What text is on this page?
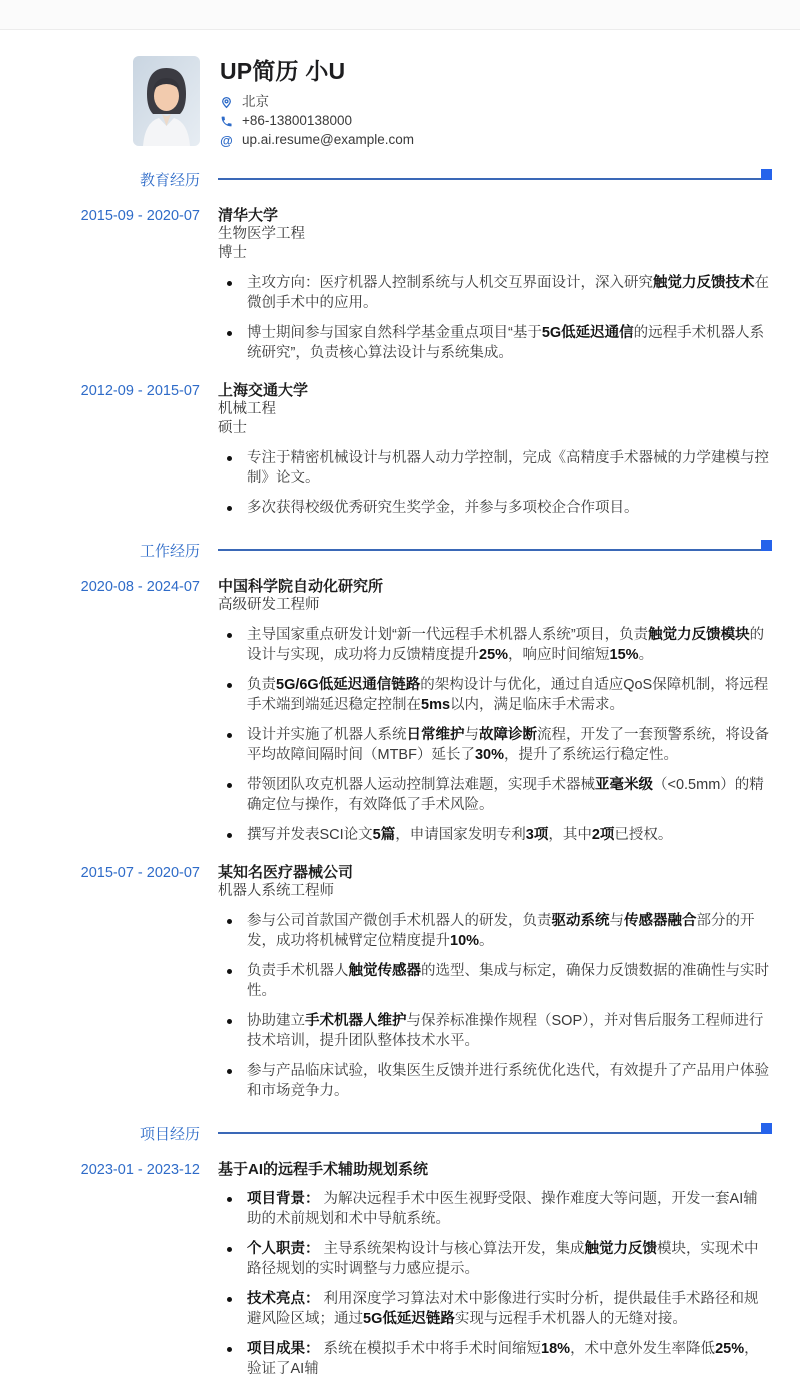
UP简历 小U
北京
+86-13800138000
@ up.ai.resume@example.com
教育经历
2015-09 - 2020-07 清华大学
生物医学工程
博士
主攻方向：医疗机器人控制系统与人机交互界面设计，深入研究触觉力反馈技术在微创手术中的应用。
博士期间参与国家自然科学基金重点项目“基于5G低延迟通信的远程手术机器人系统研究”，负责核心算法设计与系统集成。
2012-09 - 2015-07 上海交通大学
机械工程
硕士
专注于精密机械设计与机器人动力学控制，完成《高精度手术器械的力学建模与控制》论文。
多次获得校级优秀研究生奖学金，并参与多项校企合作项目。
工作经历
2020-08 - 2024-07 中国科学院自动化研究所
高级研发工程师
主导国家重点研发计划“新一代远程手术机器人系统”项目，负责触觉力反馈模块的设计与实现，成功将力反馈精度提升25%，响应时间缩短15%。
负责5G/6G低延迟通信链路的架构设计与优化，通过自适应QoS保障机制，将远程手术端到端延迟稳定控制在5ms以内，满足临床手术需求。
设计并实施了机器人系统日常维护与故障诊断流程，开发了一套预警系统，将设备平均故障间隔时间（MTBF）延长了30%，提升了系统运行稳定性。
带领团队攻克机器人运动控制算法难题，实现手术器械亚毫米级（<0.5mm）的精确定位与操作，有效降低了手术风险。
撰写并发表SCI论文5篇，申请国家发明专利3项，其中2项已授权。
2015-07 - 2020-07 某知名医疗器械公司
机器人系统工程师
参与公司首款国产微创手术机器人的研发，负责驱动系统与传感器融合部分的开发，成功将机械臂定位精度提升10%。
负责手术机器人触觉传感器的选型、集成与标定，确保力反馈数据的准确性与实时性。
协助建立手术机器人维护与保养标准操作规程（SOP），并对售后服务工程师进行技术培训，提升团队整体技术水平。
参与产品临床试验，收集医生反馈并进行系统优化迭代，有效提升了产品用户体验和市场竞争力。
项目经历
2023-01 - 2023-12 基于AI的远程手术辅助规划系统
项目背景： 为解决远程手术中医生视野受限、操作难度大等问题，开发一套AI辅助的术前规划和术中导航系统。
个人职责： 主导系统架构设计与核心算法开发，集成触觉力反馈模块，实现术中路径规划的实时调整与力感应提示。
技术亮点： 利用深度学习算法对术中影像进行实时分析，提供最佳手术路径和规避风险区域；通过5G低延迟链路实现与远程手术机器人的无缝对接。
项目成果： 系统在模拟手术中将手术时间缩短18%，术中意外发生率降低25%，验证了AI辅
